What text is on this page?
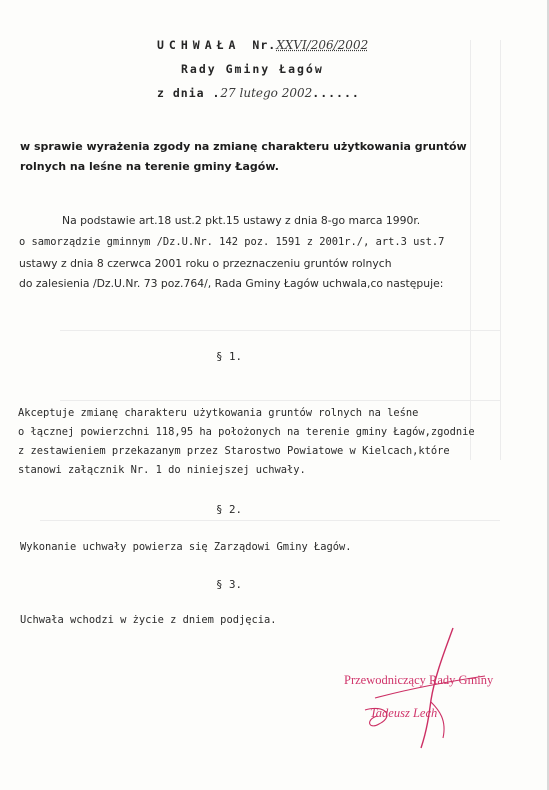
UCHWAŁA Nr.XXVI/206/2002
Rady Gminy Łagów
z dnia .27 lutego 2002......
w sprawie wyrażenia zgody na zmianę charakteru użytkowania gruntów
rolnych na leśne na terenie gminy Łagów.
Na podstawie art.18 ust.2 pkt.15 ustawy z dnia 8-go marca 1990r.
o samorządzie gminnym /Dz.U.Nr. 142 poz. 1591 z 2001r./, art.3 ust.7
ustawy z dnia 8 czerwca 2001 roku o przeznaczeniu gruntów rolnych
do zalesienia /Dz.U.Nr. 73 poz.764/, Rada Gminy Łagów uchwala,co następuje:
§ 1.
Akceptuje zmianę charakteru użytkowania gruntów rolnych na leśne
o łącznej powierzchni 118,95 ha położonych na terenie gminy Łagów,zgodnie
z zestawieniem przekazanym przez Starostwo Powiatowe w Kielcach,które
stanowi załącznik Nr. 1 do niniejszej uchwały.
§ 2.
Wykonanie uchwały powierza się Zarządowi Gminy Łagów.
§ 3.
Uchwała wchodzi w życie z dniem podjęcia.
Przewodniczący Rady Gminy
Tadeusz Lech
